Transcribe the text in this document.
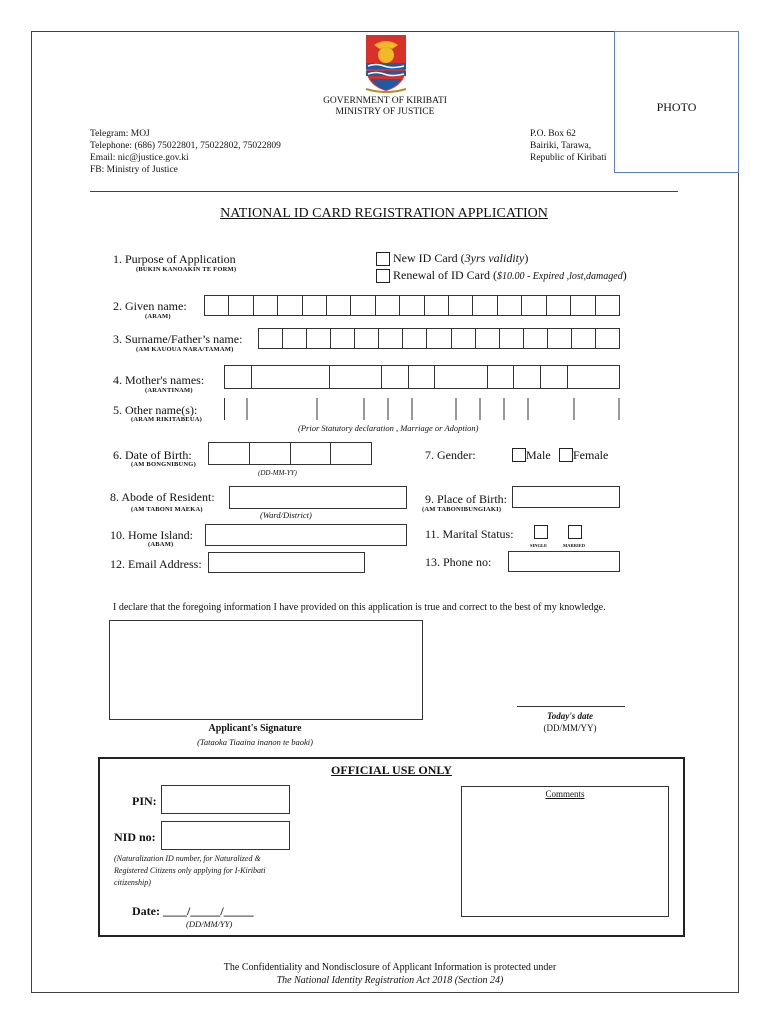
GOVERNMENT OF KIRIBATI
MINISTRY OF JUSTICE	PHOTO
Telegram: MOJ
Telephone: (686) 75022801, 75022802, 75022809
Email: nic@justice.gov.ki
FB: Ministry of Justice
P.O. Box 62
Bairiki, Tarawa,
Republic of Kiribati
NATIONAL ID CARD REGISTRATION APPLICATION
1. Purpose of Application
(BUKIN KANOAKIN TE FORM)
New ID Card (3yrs validity)
Renewal of ID Card ($10.00 - Expired ,lost,damaged)
2. Given name:
(ARAM)
3. Surname/Father’s name:
(AM KAUOUA NARA/TAMAM)
4. Mother's names:
(ARANTINAM)
5. Other name(s):
(ARAM RIKITABEUA)
(Prior Statutory declaration , Marriage or Adoption)
6. Date of Birth:
(AM BONGNIBUNG)
(DD-MM-YY)
7. Gender:	Male Female
8. Abode of Resident:
(AM TABONI MAEKA)
(Ward/District)
9. Place of Birth:
(AM TABONIBUNGIAKI)
10. Home Island:
(ABAM)
11. Marital Status:
SINGLE	MARRIED
12. Email Address:	13. Phone no:
I declare that the foregoing information I have provided on this application is true and correct to the best of my knowledge.
Applicant's Signature
(Tataoka Tiaaina inanon te baoki)
Today's date
(DD/MM/YY)
OFFICIAL USE ONLY
PIN:
NID no:
(Naturalization ID number, for Naturalized & Registered Citizens only applying for I-Kiribati citizenship)
Date: ____/_____/_____
(DD/MM/YY)
Comments
The Confidentiality and Nondisclosure of Applicant Information is protected under
The National Identity Registration Act 2018 (Section 24)
